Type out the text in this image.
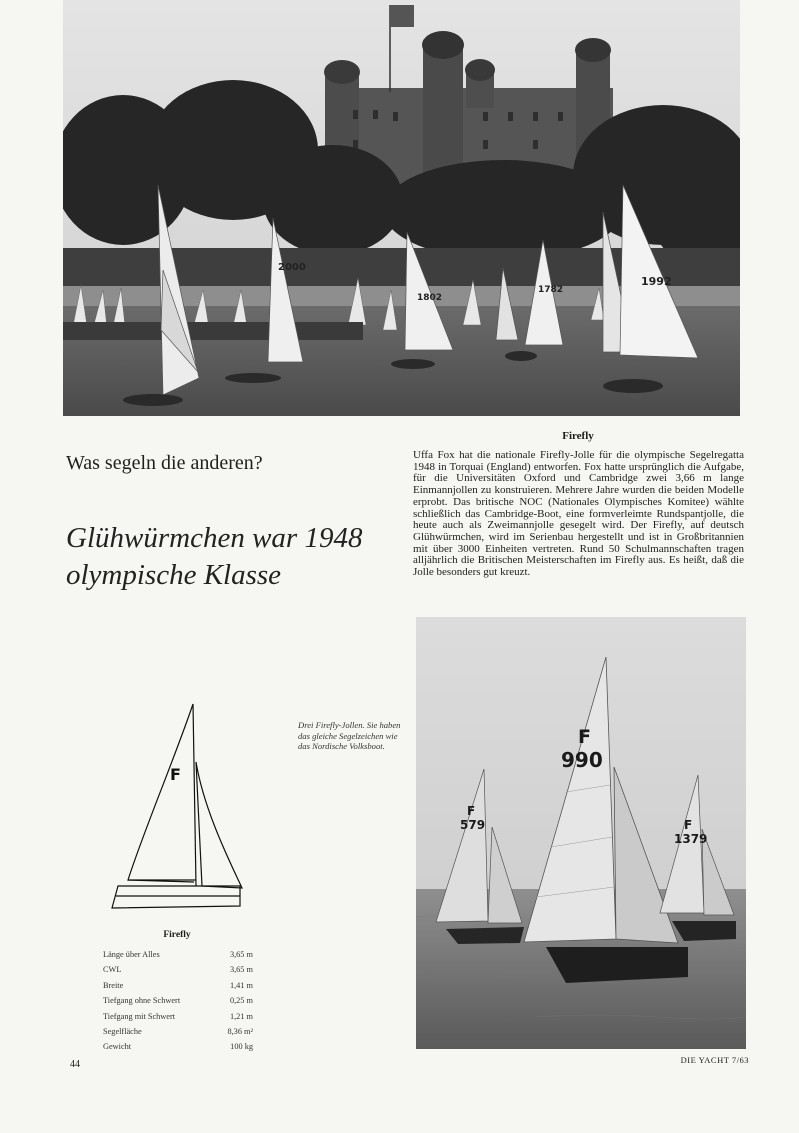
2000
1802
1782
1992
Was segeln die anderen?
Glühwürmchen war 1948 olympische Klasse
Firefly
Uffa Fox hat die nationale Firefly-Jolle für die olympische Segelregatta 1948 in Torquai (England) entworfen. Fox hatte ursprünglich die Aufgabe, für die Universitäten Oxford und Cambridge zwei 3,66 m lange Einmannjollen zu konstruieren. Mehrere Jahre wurden die beiden Modelle erprobt. Das britische NOC (Nationales Olympisches Komitee) wählte schließlich das Cambridge-Boot, eine formverleimte Rundspantjolle, die heute auch als Zweimannjolle gesegelt wird. Der Firefly, auf deutsch Glühwürmchen, wird im Serienbau hergestellt und ist in Großbritannien mit über 3000 Einheiten vertreten. Rund 50 Schulmannschaften tragen alljährlich die Britischen Meisterschaften im Firefly aus. Es heißt, daß die Jolle besonders gut kreuzt.
Drei Firefly-Jollen. Sie haben das gleiche Segelzeichen wie das Nordische Volksboot.
F
Firefly
Länge über Alles	3,65 m
CWL	3,65 m
Breite	1,41 m
Tiefgang ohne Schwert	0,25 m
Tiefgang mit Schwert	1,21 m
Segelfläche	8,36 m²
Gewicht	100 kg
F
579
F
990
F
1379
44	DIE YACHT 7/63
